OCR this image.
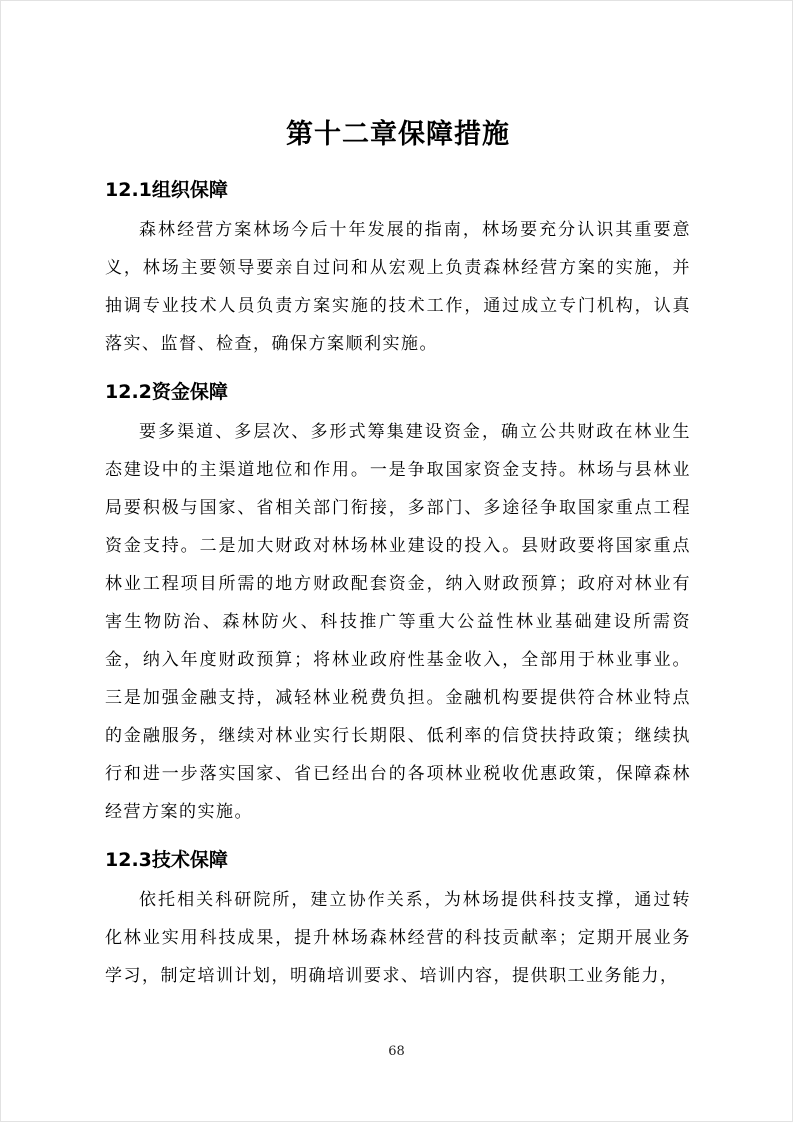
第十二章保障措施
12.1组织保障

森林经营方案林场今后十年发展的指南，林场要充分认识其重要意义，林场主要领导要亲自过问和从宏观上负责森林经营方案的实施，并抽调专业技术人员负责方案实施的技术工作，通过成立专门机构，认真落实、监督、检查，确保方案顺利实施。

12.2资金保障

要多渠道、多层次、多形式筹集建设资金，确立公共财政在林业生态建设中的主渠道地位和作用。一是争取国家资金支持。林场与县林业局要积极与国家、省相关部门衔接，多部门、多途径争取国家重点工程资金支持。二是加大财政对林场林业建设的投入。县财政要将国家重点林业工程项目所需的地方财政配套资金，纳入财政预算；政府对林业有害生物防治、森林防火、科技推广等重大公益性林业基础建设所需资金，纳入年度财政预算；将林业政府性基金收入，全部用于林业事业。三是加强金融支持，减轻林业税费负担。金融机构要提供符合林业特点的金融服务，继续对林业实行长期限、低利率的信贷扶持政策；继续执行和进一步落实国家、省已经出台的各项林业税收优惠政策，保障森林经营方案的实施。

12.3技术保障

依托相关科研院所，建立协作关系，为林场提供科技支撑，通过转化林业实用科技成果，提升林场森林经营的科技贡献率；定期开展业务学习，制定培训计划，明确培训要求、培训内容，提供职工业务能力，

68
